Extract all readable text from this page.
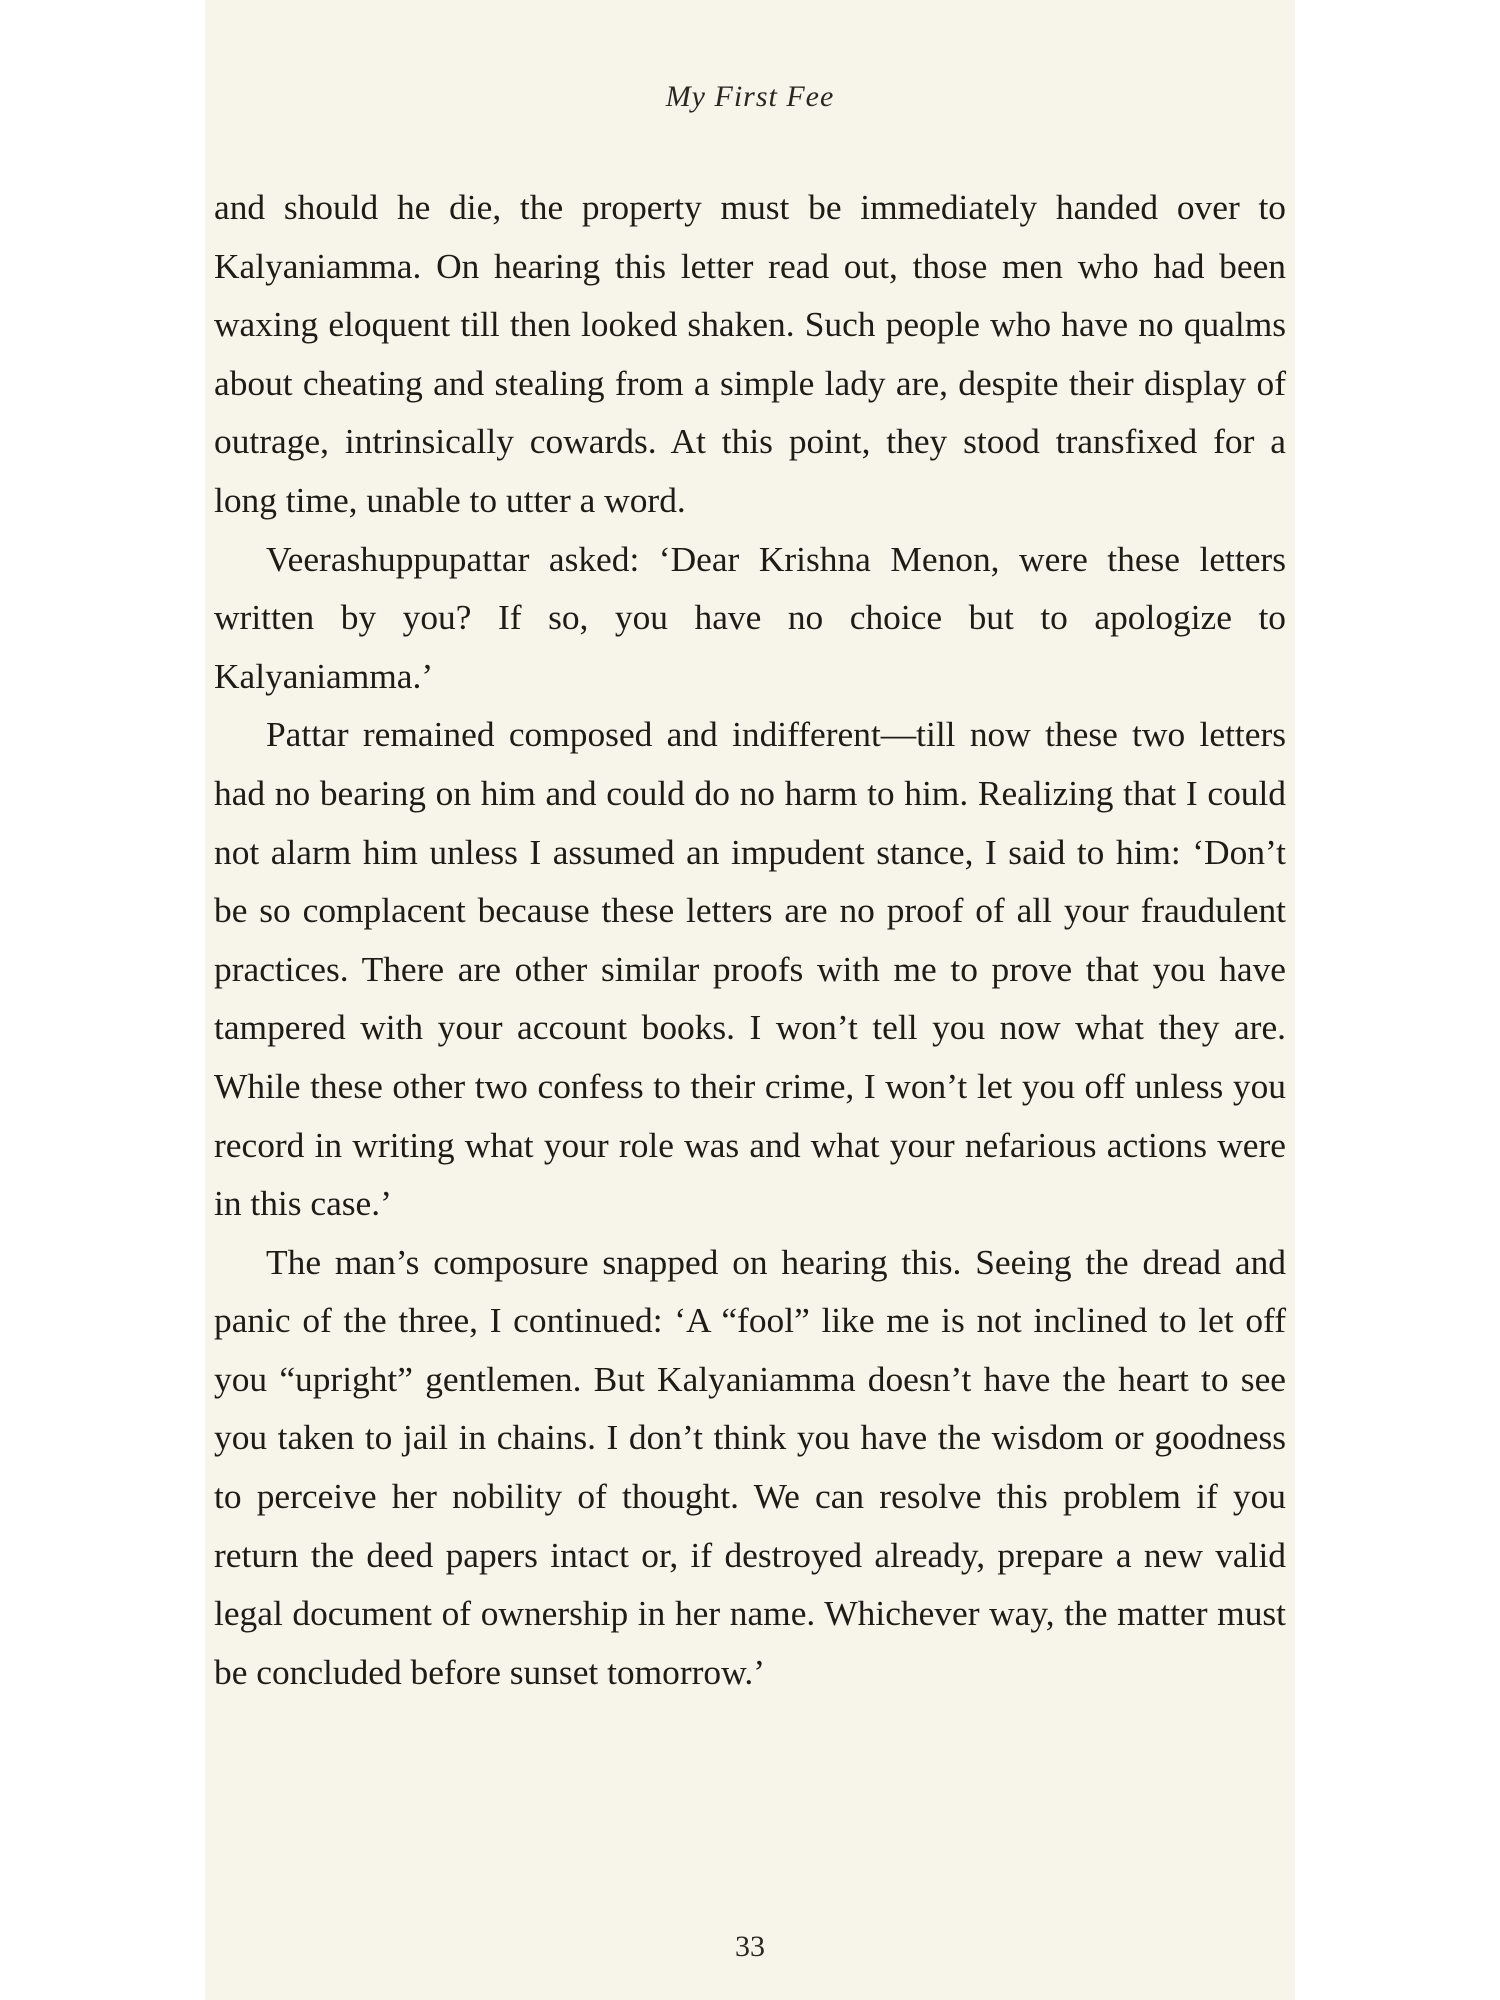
My First Fee

and should he die, the property must be immediately handed over to Kalyaniamma. On hearing this letter read out, those men who had been waxing eloquent till then looked shaken. Such people who have no qualms about cheating and stealing from a simple lady are, despite their display of outrage, intrinsically cowards. At this point, they stood transfixed for a long time, unable to utter a word.

Veerashuppupattar asked: ‘Dear Krishna Menon, were these letters written by you? If so, you have no choice but to apologize to Kalyaniamma.’

Pattar remained composed and indifferent—till now these two letters had no bearing on him and could do no harm to him. Realizing that I could not alarm him unless I assumed an impudent stance, I said to him: ‘Don’t be so complacent because these letters are no proof of all your fraudulent practices. There are other similar proofs with me to prove that you have tampered with your account books. I won’t tell you now what they are. While these other two confess to their crime, I won’t let you off unless you record in writing what your role was and what your nefarious actions were in this case.’

The man’s composure snapped on hearing this. Seeing the dread and panic of the three, I continued: ‘A “fool” like me is not inclined to let off you “upright” gentlemen. But Kalyaniamma doesn’t have the heart to see you taken to jail in chains. I don’t think you have the wisdom or goodness to perceive her nobility of thought. We can resolve this problem if you return the deed papers intact or, if destroyed already, prepare a new valid legal document of ownership in her name. Whichever way, the matter must be concluded before sunset tomorrow.’

33
